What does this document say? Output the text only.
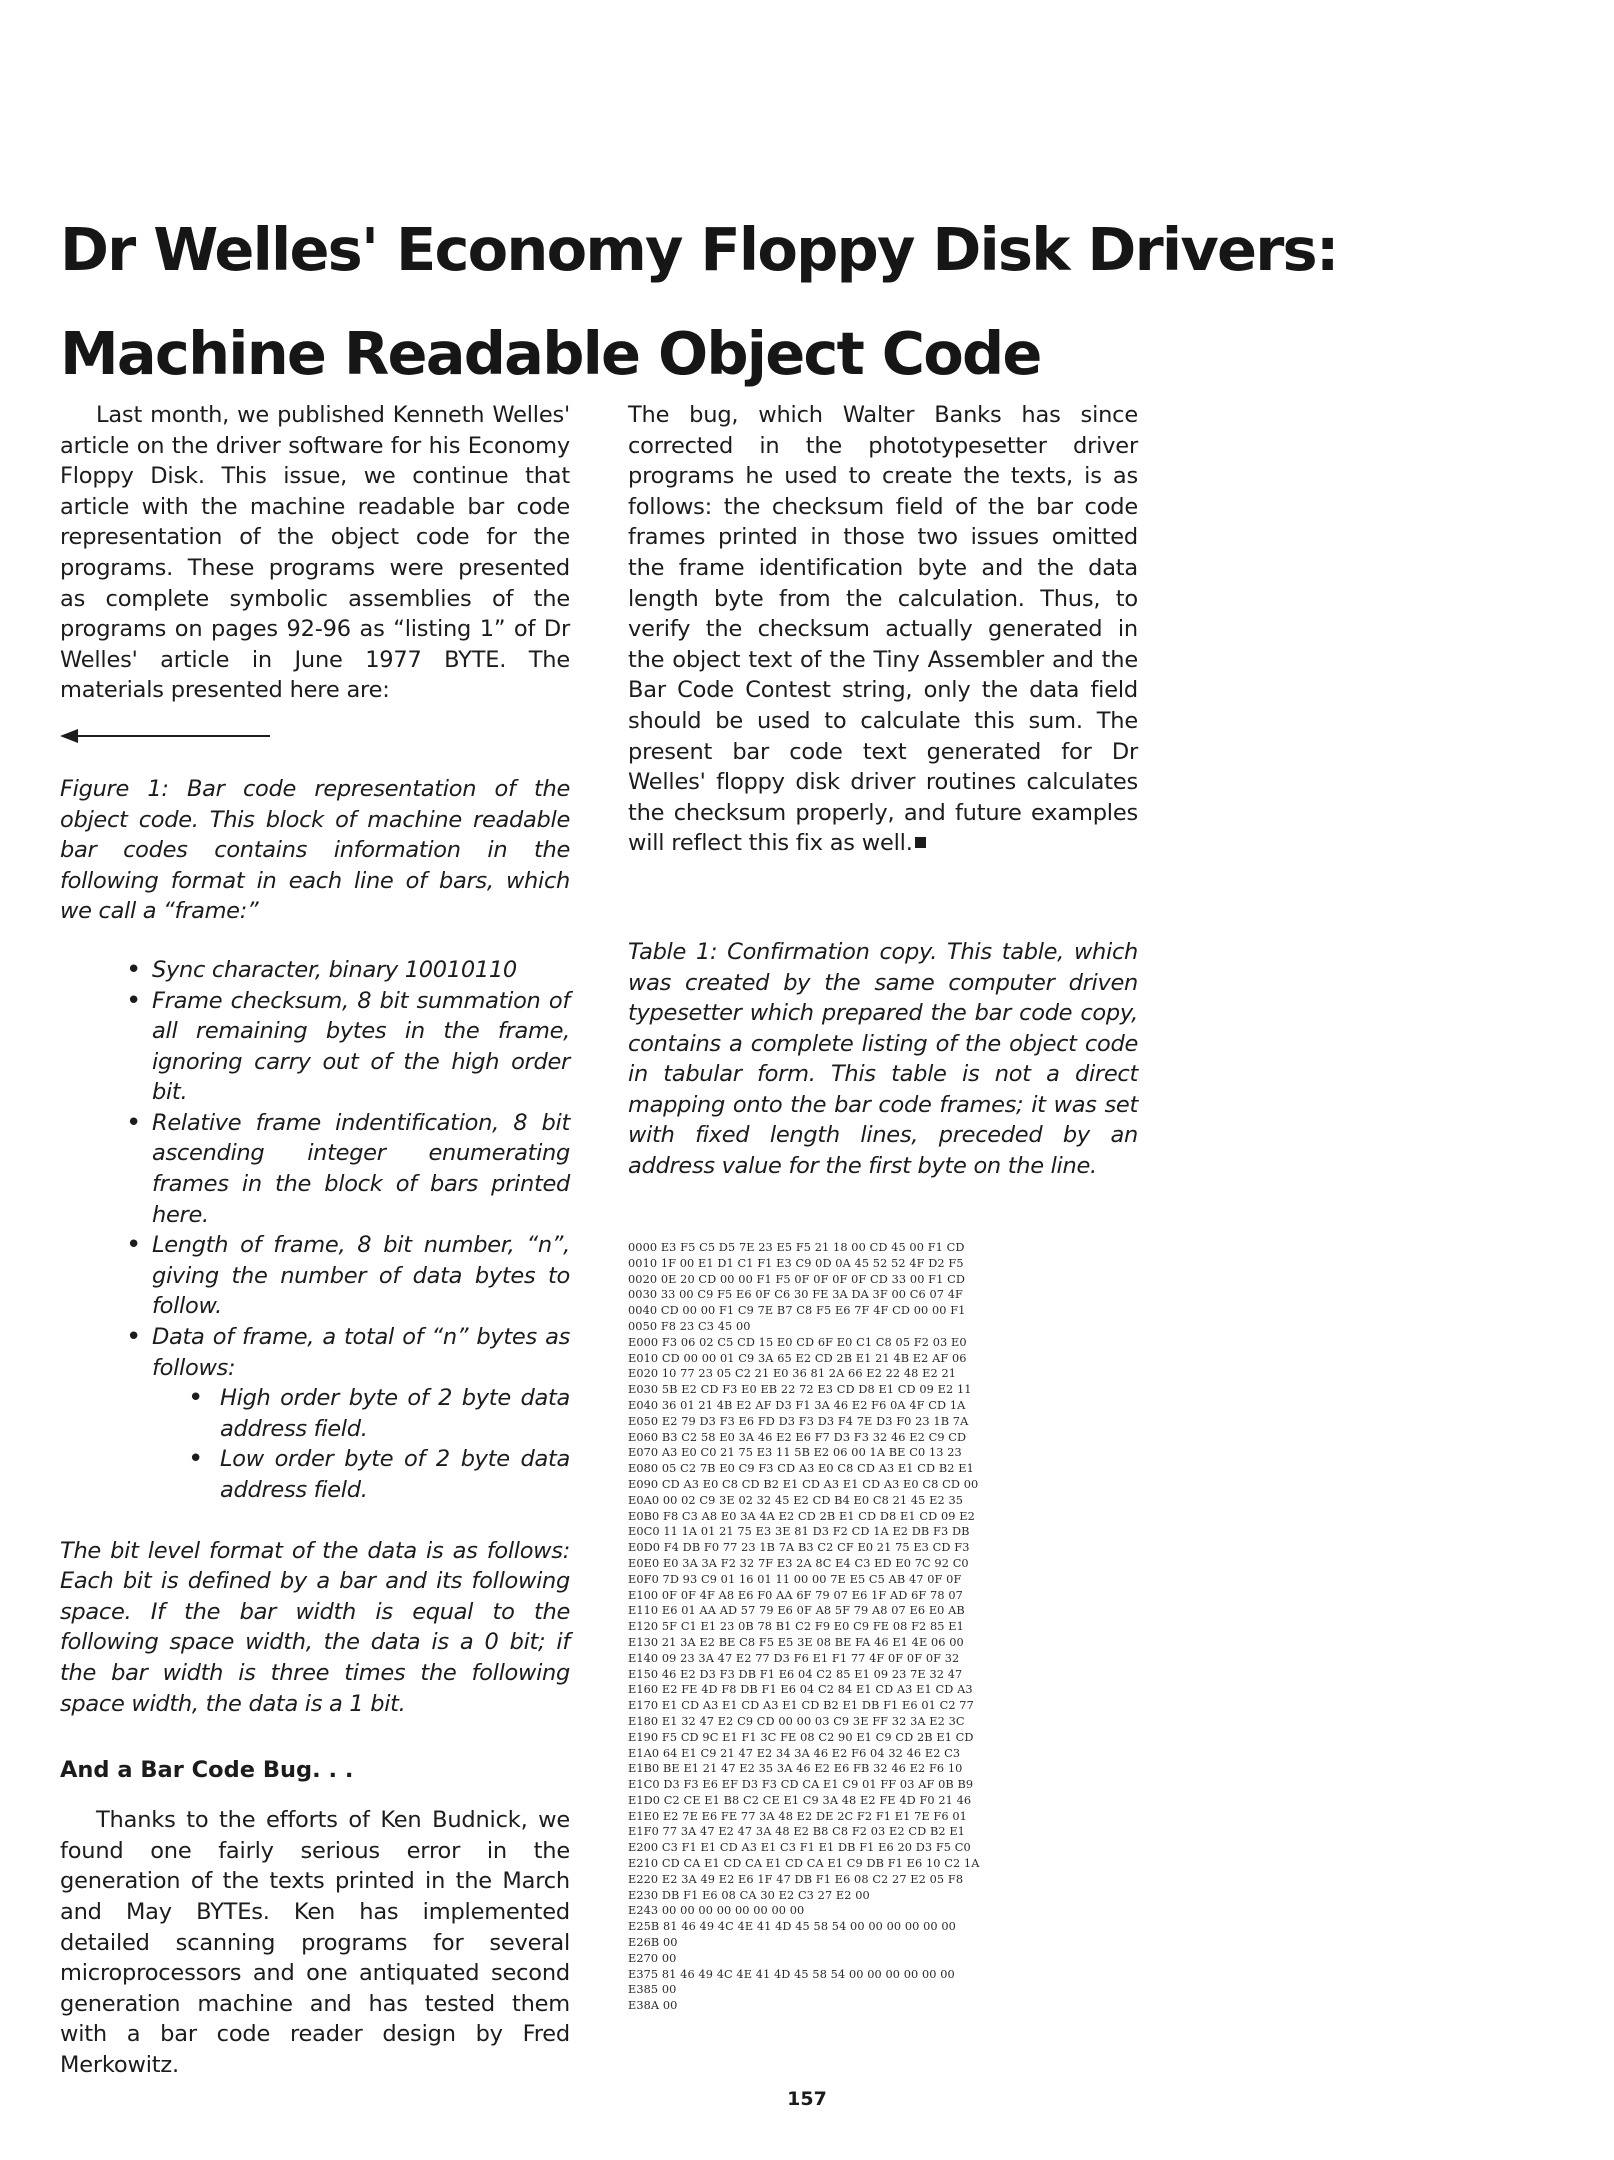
Dr Welles' Economy Floppy Disk Drivers:
Machine Readable Object Code

Last month, we published Kenneth Welles' article on the driver software for his Economy Floppy Disk. This issue, we continue that article with the machine readable bar code representation of the object code for the programs. These programs were presented as complete symbolic assemblies of the programs on pages 92-96 as “listing 1” of Dr Welles' article in June 1977 BYTE. The materials presented here are:

Figure 1: Bar code representation of the object code. This block of machine readable bar codes contains information in the following format in each line of bars, which we call a “frame:”

• Sync character, binary 10010110
• Frame checksum, 8 bit summation of all remaining bytes in the frame, ignoring carry out of the high order bit.
• Relative frame indentification, 8 bit ascending integer enumerating frames in the block of bars printed here.
• Length of frame, 8 bit number, “n”, giving the number of data bytes to follow.
• Data of frame, a total of “n” bytes as follows:
• High order byte of 2 byte data address field.
• Low order byte of 2 byte data address field.

The bit level format of the data is as follows: Each bit is defined by a bar and its following space. If the bar width is equal to the following space width, the data is a 0 bit; if the bar width is three times the following space width, the data is a 1 bit.

And a Bar Code Bug. . .

Thanks to the efforts of Ken Budnick, we found one fairly serious error in the generation of the texts printed in the March and May BYTEs. Ken has implemented detailed scanning programs for several microprocessors and one antiquated second generation machine and has tested them with a bar code reader design by Fred Merkowitz.

The bug, which Walter Banks has since corrected in the phototypesetter driver programs he used to create the texts, is as follows: the checksum field of the bar code frames printed in those two issues omitted the frame identification byte and the data length byte from the calculation. Thus, to verify the checksum actually generated in the object text of the Tiny Assembler and the Bar Code Contest string, only the data field should be used to calculate this sum. The present bar code text generated for Dr Welles' floppy disk driver routines calculates the checksum properly, and future examples will reflect this fix as well.

Table 1: Confirmation copy. This table, which was created by the same computer driven typesetter which prepared the bar code copy, contains a complete listing of the object code in tabular form. This table is not a direct mapping onto the bar code frames; it was set with fixed length lines, preceded by an address value for the first byte on the line.

0000 E3 F5 C5 D5 7E 23 E5 F5 21 18 00 CD 45 00 F1 CD
0010 1F 00 E1 D1 C1 F1 E3 C9 0D 0A 45 52 52 4F D2 F5
0020 0E 20 CD 00 00 F1 F5 0F 0F 0F 0F CD 33 00 F1 CD
0030 33 00 C9 F5 E6 0F C6 30 FE 3A DA 3F 00 C6 07 4F
0040 CD 00 00 F1 C9 7E B7 C8 F5 E6 7F 4F CD 00 00 F1
0050 F8 23 C3 45 00
E000 F3 06 02 C5 CD 15 E0 CD 6F E0 C1 C8 05 F2 03 E0
E010 CD 00 00 01 C9 3A 65 E2 CD 2B E1 21 4B E2 AF 06
E020 10 77 23 05 C2 21 E0 36 81 2A 66 E2 22 48 E2 21
E030 5B E2 CD F3 E0 EB 22 72 E3 CD D8 E1 CD 09 E2 11
E040 36 01 21 4B E2 AF D3 F1 3A 46 E2 F6 0A 4F CD 1A
E050 E2 79 D3 F3 E6 FD D3 F3 D3 F4 7E D3 F0 23 1B 7A
E060 B3 C2 58 E0 3A 46 E2 E6 F7 D3 F3 32 46 E2 C9 CD
E070 A3 E0 C0 21 75 E3 11 5B E2 06 00 1A BE C0 13 23
E080 05 C2 7B E0 C9 F3 CD A3 E0 C8 CD A3 E1 CD B2 E1
E090 CD A3 E0 C8 CD B2 E1 CD A3 E1 CD A3 E0 C8 CD 00
E0A0 00 02 C9 3E 02 32 45 E2 CD B4 E0 C8 21 45 E2 35
E0B0 F8 C3 A8 E0 3A 4A E2 CD 2B E1 CD D8 E1 CD 09 E2
E0C0 11 1A 01 21 75 E3 3E 81 D3 F2 CD 1A E2 DB F3 DB
E0D0 F4 DB F0 77 23 1B 7A B3 C2 CF E0 21 75 E3 CD F3
E0E0 E0 3A 3A F2 32 7F E3 2A 8C E4 C3 ED E0 7C 92 C0
E0F0 7D 93 C9 01 16 01 11 00 00 7E E5 C5 AB 47 0F 0F
E100 0F 0F 4F A8 E6 F0 AA 6F 79 07 E6 1F AD 6F 78 07
E110 E6 01 AA AD 57 79 E6 0F A8 5F 79 A8 07 E6 E0 AB
E120 5F C1 E1 23 0B 78 B1 C2 F9 E0 C9 FE 08 F2 85 E1
E130 21 3A E2 BE C8 F5 E5 3E 08 BE FA 46 E1 4E 06 00
E140 09 23 3A 47 E2 77 D3 F6 E1 F1 77 4F 0F 0F 0F 32
E150 46 E2 D3 F3 DB F1 E6 04 C2 85 E1 09 23 7E 32 47
E160 E2 FE 4D F8 DB F1 E6 04 C2 84 E1 CD A3 E1 CD A3
E170 E1 CD A3 E1 CD A3 E1 CD B2 E1 DB F1 E6 01 C2 77
E180 E1 32 47 E2 C9 CD 00 00 03 C9 3E FF 32 3A E2 3C
E190 F5 CD 9C E1 F1 3C FE 08 C2 90 E1 C9 CD 2B E1 CD
E1A0 64 E1 C9 21 47 E2 34 3A 46 E2 F6 04 32 46 E2 C3
E1B0 BE E1 21 47 E2 35 3A 46 E2 E6 FB 32 46 E2 F6 10
E1C0 D3 F3 E6 EF D3 F3 CD CA E1 C9 01 FF 03 AF 0B B9
E1D0 C2 CE E1 B8 C2 CE E1 C9 3A 48 E2 FE 4D F0 21 46
E1E0 E2 7E E6 FE 77 3A 48 E2 DE 2C F2 F1 E1 7E F6 01
E1F0 77 3A 47 E2 47 3A 48 E2 B8 C8 F2 03 E2 CD B2 E1
E200 C3 F1 E1 CD A3 E1 C3 F1 E1 DB F1 E6 20 D3 F5 C0
E210 CD CA E1 CD CA E1 CD CA E1 C9 DB F1 E6 10 C2 1A
E220 E2 3A 49 E2 E6 1F 47 DB F1 E6 08 C2 27 E2 05 F8
E230 DB F1 E6 08 CA 30 E2 C3 27 E2 00
E243 00 00 00 00 00 00 00 00
E25B 81 46 49 4C 4E 41 4D 45 58 54 00 00 00 00 00 00
E26B 00
E270 00
E375 81 46 49 4C 4E 41 4D 45 58 54 00 00 00 00 00 00
E385 00
E38A 00
157
